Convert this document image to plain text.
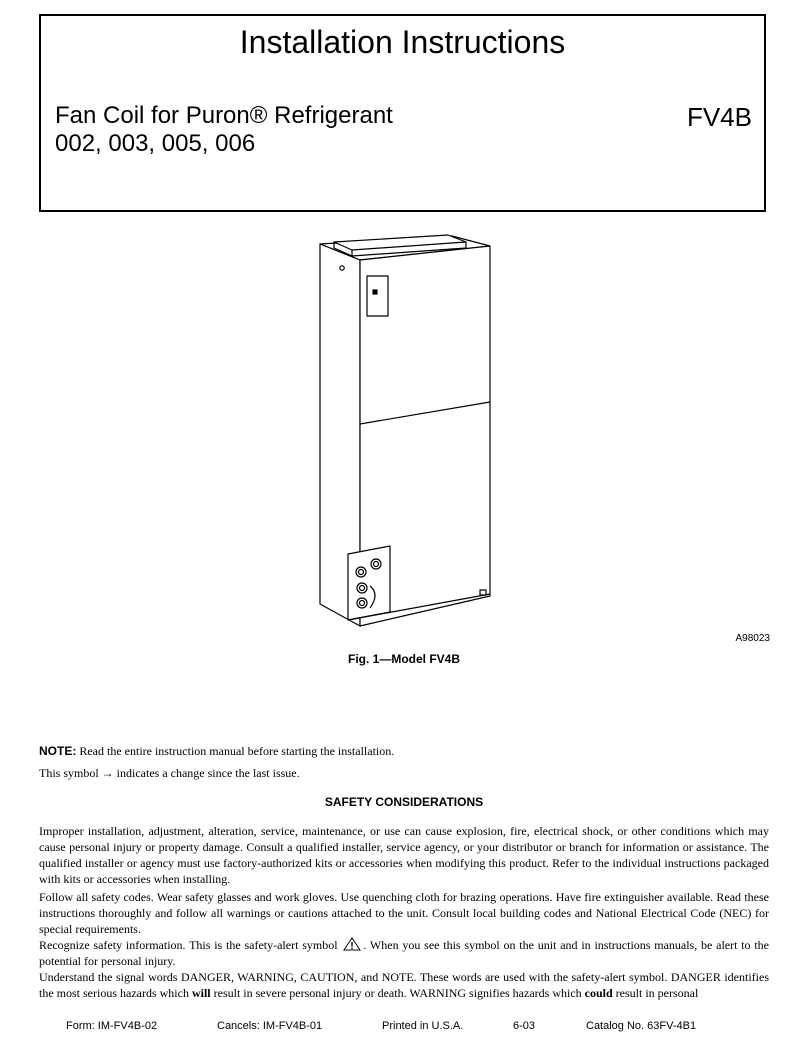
Installation Instructions
Fan Coil for Puron® Refrigerant
002, 003, 005, 006
FV4B
A98023
Fig. 1—Model FV4B
NOTE: Read the entire instruction manual before starting the installation.
This symbol → indicates a change since the last issue.
SAFETY CONSIDERATIONS
Improper installation, adjustment, alteration, service, maintenance, or use can cause explosion, fire, electrical shock, or other conditions which may cause personal injury or property damage. Consult a qualified installer, service agency, or your distributor or branch for information or assistance. The qualified installer or agency must use factory-authorized kits or accessories when modifying this product. Refer to the individual instructions packaged with kits or accessories when installing.
Follow all safety codes. Wear safety glasses and work gloves. Use quenching cloth for brazing operations. Have fire extinguisher available. Read these instructions thoroughly and follow all warnings or cautions attached to the unit. Consult local building codes and National Electrical Code (NEC) for special requirements.
Recognize safety information. This is the safety-alert symbol . When you see this symbol on the unit and in instructions manuals, be alert to the potential for personal injury.
Understand the signal words DANGER, WARNING, CAUTION, and NOTE. These words are used with the safety-alert symbol. DANGER identifies the most serious hazards which will result in severe personal injury or death. WARNING signifies hazards which could result in personal
Form: IM-FV4B-02	Cancels: IM-FV4B-01	Printed in U.S.A.	6-03	Catalog No. 63FV-4B1
